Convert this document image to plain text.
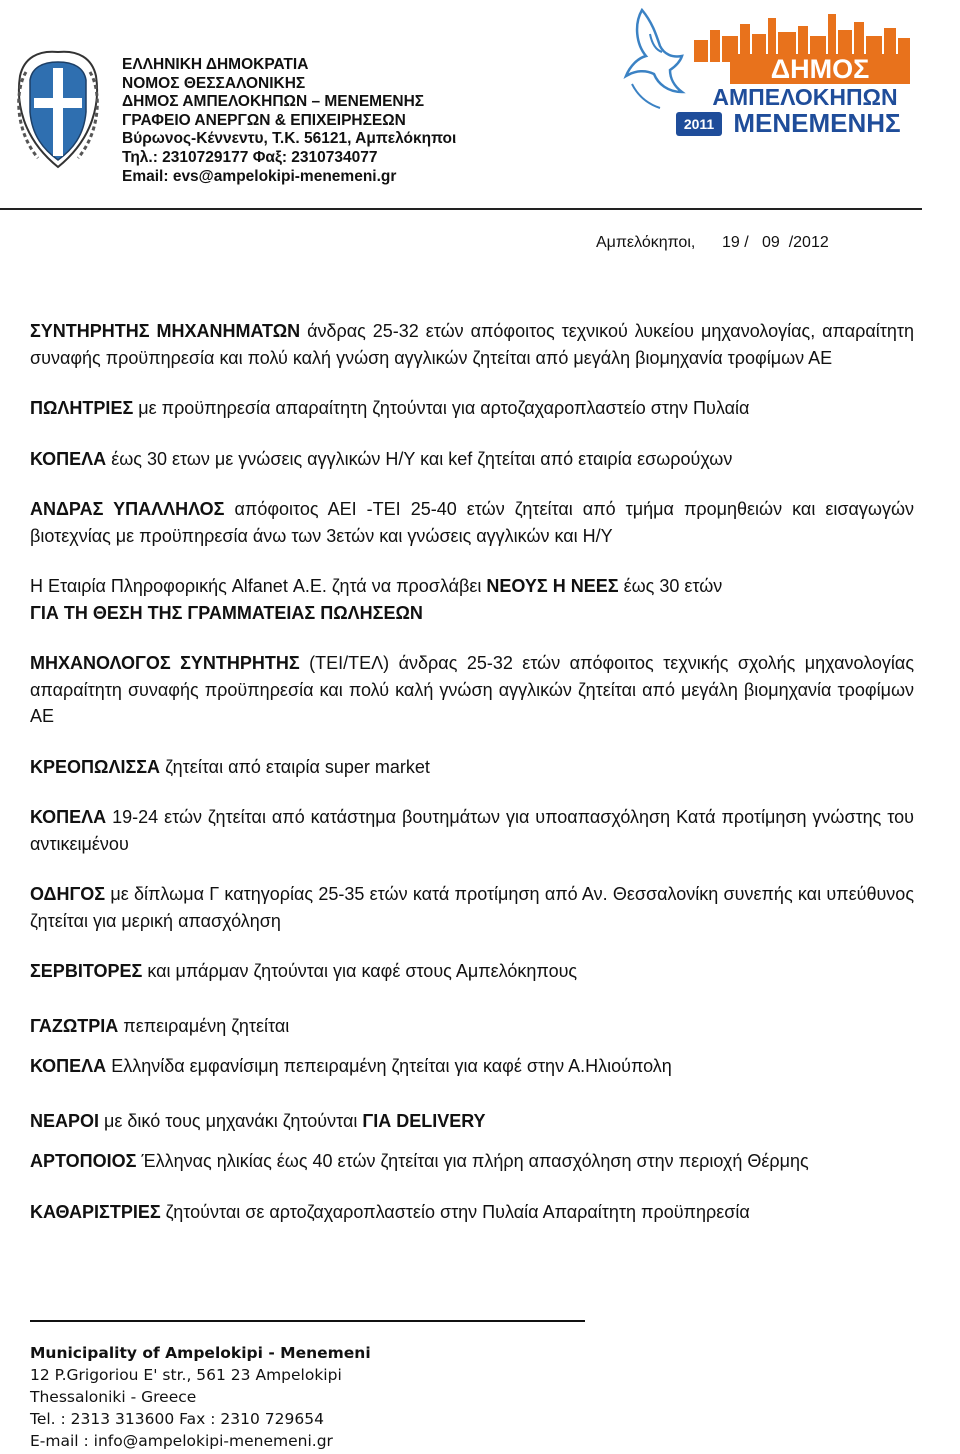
ΕΛΛΗΝΙΚΗ ΔΗΜΟΚΡΑΤΙΑ
ΝΟΜΟΣ ΘΕΣΣΑΛΟΝΙΚΗΣ
ΔΗΜΟΣ ΑΜΠΕΛΟΚΗΠΩΝ – ΜΕΝΕΜΕΝΗΣ
ΓΡΑΦΕΙΟ ΑΝΕΡΓΩΝ & ΕΠΙΧΕΙΡΗΣΕΩΝ
Βύρωνος-Κέννεντυ, Τ.Κ. 56121, Αμπελόκηποι
Τηλ.: 2310729177 Φαξ: 2310734077
Email: evs@ampelokipi-menemeni.gr
ΔΗΜΟΣ
ΑΜΠΕΛΟΚΗΠΩΝ
2011 ΜΕΝΕΜΕΝΗΣ
Αμπελόκηποι,      19 /   09  /2012

ΣΥΝΤΗΡΗΤΗΣ ΜΗΧΑΝΗΜΑΤΩΝ άνδρας 25-32 ετών απόφοιτος τεχνικού λυκείου μηχανολογίας, απαραίτητη συναφής προϋπηρεσία και πολύ καλή γνώση αγγλικών ζητείται από μεγάλη βιομηχανία τροφίμων ΑΕ

ΠΩΛΗΤΡΙΕΣ με προϋπηρεσία απαραίτητη ζητούνται για αρτοζαχαροπλαστείο στην Πυλαία

ΚΟΠΕΛΑ έως 30 ετων με γνώσεις αγγλικών Η/Υ και kef ζητείται από εταιρία εσωρούχων

ΑΝΔΡΑΣ ΥΠΑΛΛΗΛΟΣ απόφοιτος ΑΕΙ -ΤΕΙ 25-40 ετών ζητείται από τμήμα προμηθειών και εισαγωγών βιοτεχνίας με προϋπηρεσία άνω των 3ετών και γνώσεις αγγλικών και Η/Υ

Η Εταιρία Πληροφορικής Alfanet Α.Ε. ζητά να προσλάβει ΝΕΟΥΣ Η ΝΕΕΣ έως 30 ετών
ΓΙΑ ΤΗ ΘΕΣΗ ΤΗΣ ΓΡΑΜΜΑΤΕΙΑΣ ΠΩΛΗΣΕΩΝ

ΜΗΧΑΝΟΛΟΓΟΣ ΣΥΝΤΗΡΗΤΗΣ (ΤΕΙ/ΤΕΛ) άνδρας 25-32 ετών απόφοιτος τεχνικής σχολής μηχανολογίας απαραίτητη συναφής προϋπηρεσία και πολύ καλή γνώση αγγλικών ζητείται από μεγάλη βιομηχανία τροφίμων ΑΕ

ΚΡΕΟΠΩΛΙΣΣΑ ζητείται από εταιρία super market

ΚΟΠΕΛΑ 19-24 ετών ζητείται από κατάστημα βουτημάτων για υποαπασχόληση Κατά προτίμηση γνώστης του αντικειμένου

ΟΔΗΓΟΣ με δίπλωμα Γ κατηγορίας 25-35 ετών κατά προτίμηση από Αν. Θεσσαλονίκη συνεπής και υπεύθυνος ζητείται για μερική απασχόληση

ΣΕΡΒΙΤΟΡΕΣ και μπάρμαν ζητούνται για καφέ στους Αμπελόκηπους

ΓΑΖΩΤΡΙΑ πεπειραμένη ζητείται

ΚΟΠΕΛΑ Ελληνίδα εμφανίσιμη πεπειραμένη ζητείται για καφέ στην Α.Ηλιούπολη

ΝΕΑΡΟΙ με δικό τους μηχανάκι ζητούνται ΓΙΑ DELIVERY

ΑΡΤΟΠΟΙΟΣ Έλληνας ηλικίας έως 40 ετών ζητείται για πλήρη απασχόληση στην περιοχή Θέρμης

ΚΑΘΑΡΙΣΤΡΙΕΣ ζητούνται σε αρτοζαχαροπλαστείο στην Πυλαία Απαραίτητη προϋπηρεσία

Municipality of Ampelokipi - Menemeni
12 P.Grigoriou E' str., 561 23 Ampelokipi
Thessaloniki - Greece
Tel. : 2313 313600 Fax : 2310 729654
E-mail : info@ampelokipi-menemeni.gr
